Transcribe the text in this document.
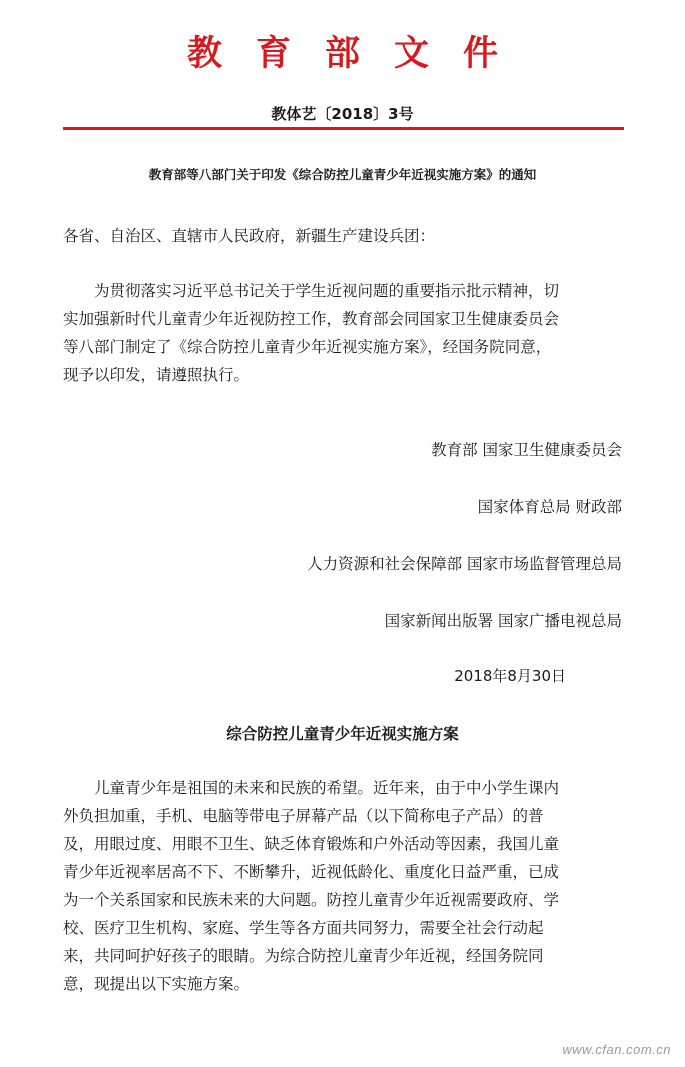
教育部文件
教体艺〔2018〕3号
教育部等八部门关于印发《综合防控儿童青少年近视实施方案》的通知
各省、自治区、直辖市人民政府，新疆生产建设兵团：
为贯彻落实习近平总书记关于学生近视问题的重要指示批示精神，切
实加强新时代儿童青少年近视防控工作，教育部会同国家卫生健康委员会
等八部门制定了《综合防控儿童青少年近视实施方案》，经国务院同意，
现予以印发，请遵照执行。
教育部 国家卫生健康委员会
国家体育总局 财政部
人力资源和社会保障部 国家市场监督管理总局
国家新闻出版署 国家广播电视总局
2018年8月30日
综合防控儿童青少年近视实施方案
儿童青少年是祖国的未来和民族的希望。近年来，由于中小学生课内
外负担加重，手机、电脑等带电子屏幕产品（以下简称电子产品）的普
及，用眼过度、用眼不卫生、缺乏体育锻炼和户外活动等因素，我国儿童
青少年近视率居高不下、不断攀升，近视低龄化、重度化日益严重，已成
为一个关系国家和民族未来的大问题。防控儿童青少年近视需要政府、学
校、医疗卫生机构、家庭、学生等各方面共同努力，需要全社会行动起
来，共同呵护好孩子的眼睛。为综合防控儿童青少年近视，经国务院同
意，现提出以下实施方案。
www.cfan.com.cn
